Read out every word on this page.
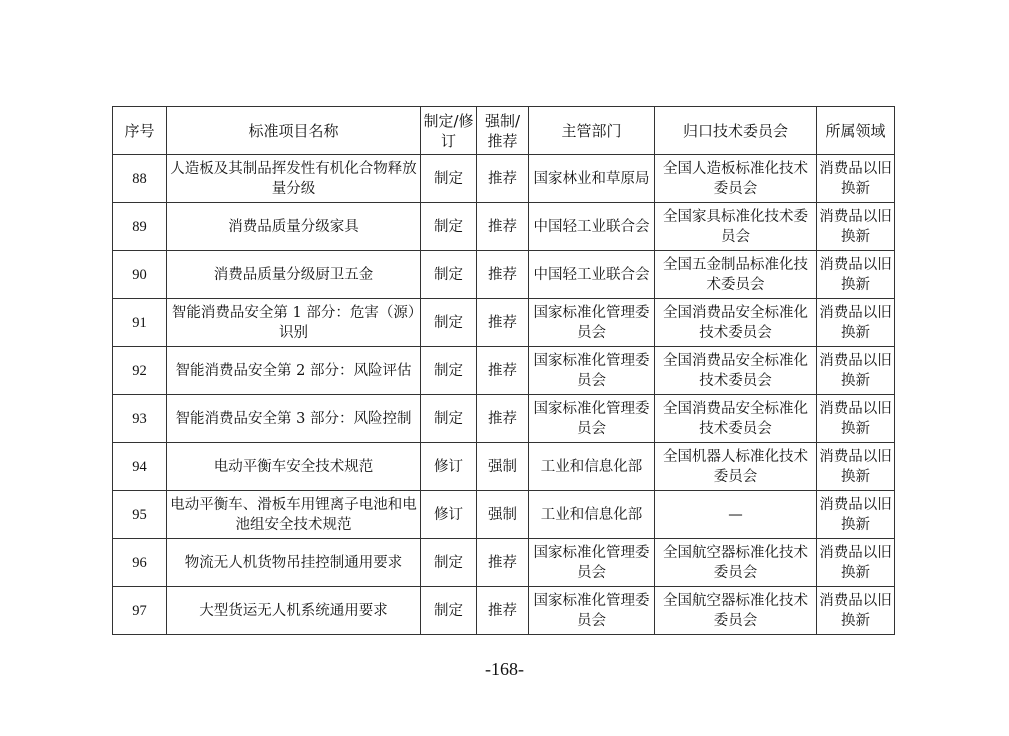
序号	标准项目名称	制定/修订	强制/推荐	主管部门	归口技术委员会	所属领域
88	人造板及其制品挥发性有机化合物释放量分级	制定	推荐	国家林业和草原局	全国人造板标准化技术委员会	消费品以旧换新
89	消费品质量分级家具	制定	推荐	中国轻工业联合会	全国家具标准化技术委员会	消费品以旧换新
90	消费品质量分级厨卫五金	制定	推荐	中国轻工业联合会	全国五金制品标准化技术委员会	消费品以旧换新
91	智能消费品安全第 1 部分：危害（源）识别	制定	推荐	国家标准化管理委员会	全国消费品安全标准化技术委员会	消费品以旧换新
92	智能消费品安全第 2 部分：风险评估	制定	推荐	国家标准化管理委员会	全国消费品安全标准化技术委员会	消费品以旧换新
93	智能消费品安全第 3 部分：风险控制	制定	推荐	国家标准化管理委员会	全国消费品安全标准化技术委员会	消费品以旧换新
94	电动平衡车安全技术规范	修订	强制	工业和信息化部	全国机器人标准化技术委员会	消费品以旧换新
95	电动平衡车、滑板车用锂离子电池和电池组安全技术规范	修订	强制	工业和信息化部	—	消费品以旧换新
96	物流无人机货物吊挂控制通用要求	制定	推荐	国家标准化管理委员会	全国航空器标准化技术委员会	消费品以旧换新
97	大型货运无人机系统通用要求	制定	推荐	国家标准化管理委员会	全国航空器标准化技术委员会	消费品以旧换新
-168-
